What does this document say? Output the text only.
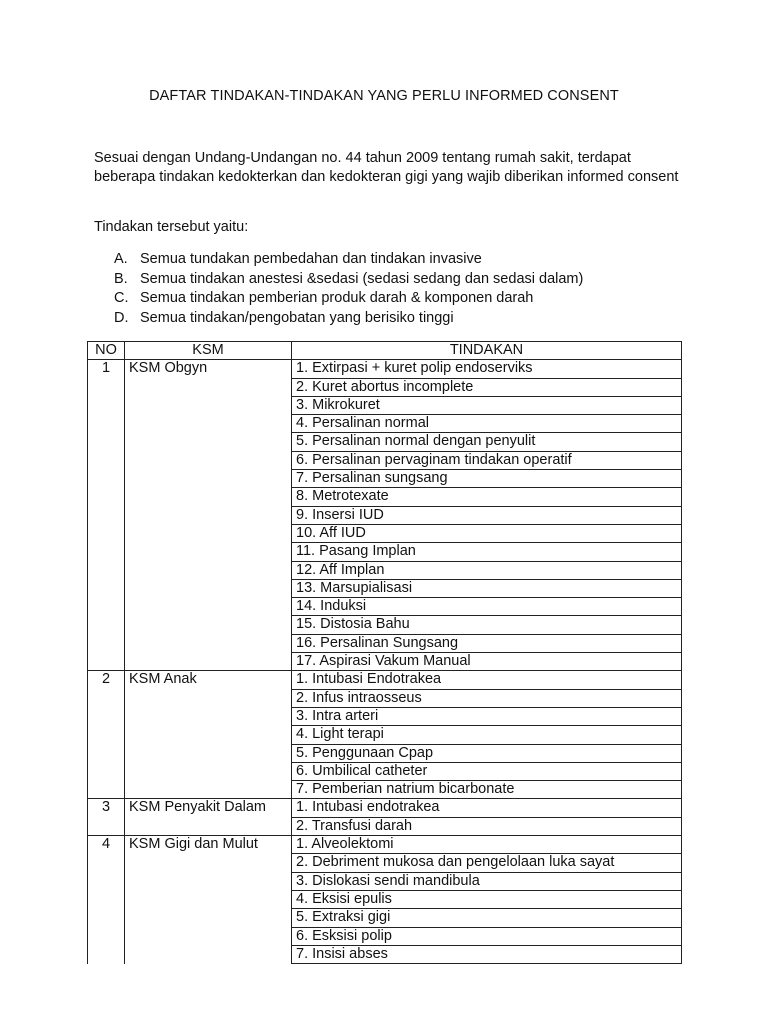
DAFTAR TINDAKAN-TINDAKAN YANG PERLU INFORMED CONSENT

Sesuai dengan Undang-Undangan no. 44 tahun 2009 tentang rumah sakit, terdapat beberapa tindakan kedokterkan dan kedokteran gigi yang wajib diberikan informed consent

Tindakan tersebut yaitu:

A. Semua tundakan pembedahan dan tindakan invasive
B. Semua tindakan anestesi &sedasi (sedasi sedang dan sedasi dalam)
C. Semua tindakan pemberian produk darah & komponen darah
D. Semua tindakan/pengobatan yang berisiko tinggi
NO	KSM	TINDAKAN
1	KSM Obgyn	1. Extirpasi + kuret polip endoserviks
		2. Kuret abortus incomplete
		3. Mikrokuret
		4. Persalinan normal
		5. Persalinan normal dengan penyulit
		6. Persalinan pervaginam tindakan operatif
		7. Persalinan sungsang
		8. Metrotexate
		9. Insersi IUD
		10. Aff IUD
		11. Pasang Implan
		12. Aff Implan
		13. Marsupialisasi
		14. Induksi
		15. Distosia Bahu
		16. Persalinan Sungsang
		17. Aspirasi Vakum Manual
2	KSM Anak	1. Intubasi Endotrakea
		2. Infus intraosseus
		3. Intra arteri
		4. Light terapi
		5. Penggunaan Cpap
		6. Umbilical catheter
		7. Pemberian natrium bicarbonate
3	KSM Penyakit Dalam	1. Intubasi endotrakea
		2. Transfusi darah
4	KSM Gigi dan Mulut	1. Alveolektomi
		2. Debriment mukosa dan pengelolaan luka sayat
		3. Dislokasi sendi mandibula
		4. Eksisi epulis
		5. Extraksi gigi
		6. Esksisi polip
		7. Insisi abses
